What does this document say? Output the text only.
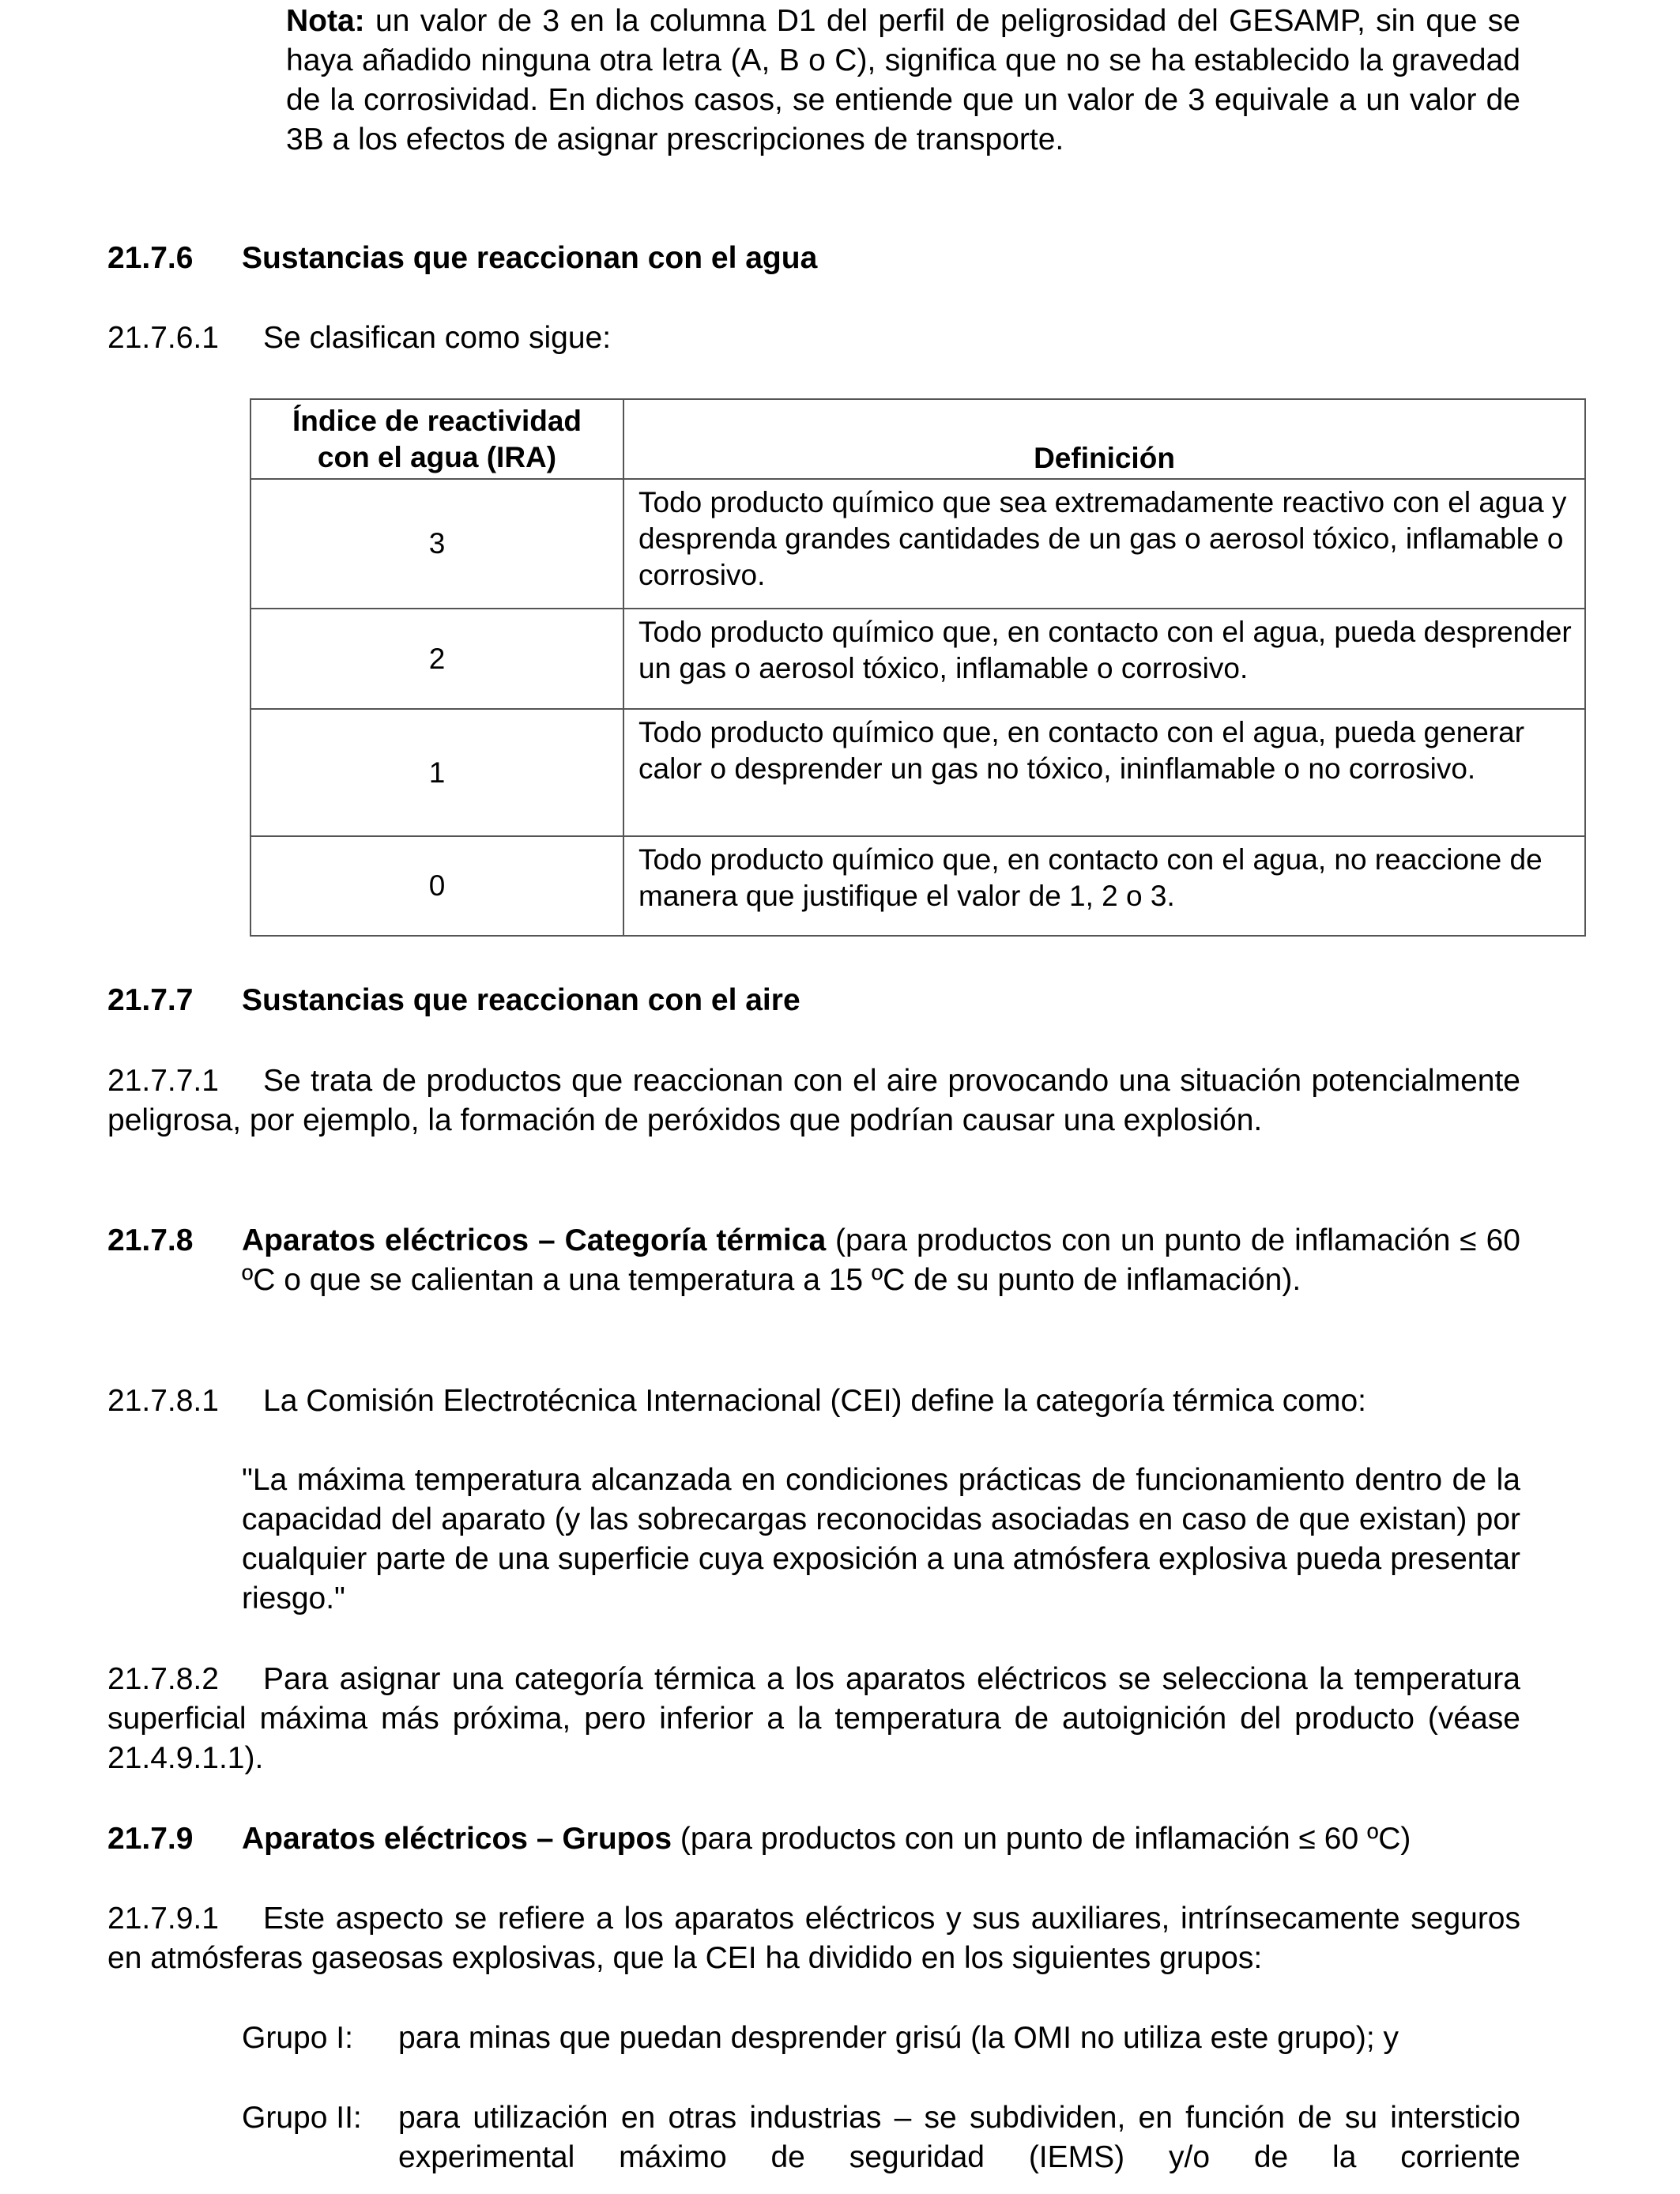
Nota: un valor de 3 en la columna D1 del perfil de peligrosidad del GESAMP, sin que se haya añadido ninguna otra letra (A, B o C), significa que no se ha establecido la gravedad de la corrosividad. En dichos casos, se entiende que un valor de 3 equivale a un valor de 3B a los efectos de asignar prescripciones de transporte.
21.7.6 Sustancias que reaccionan con el agua
21.7.6.1 Se clasifican como sigue:
Índice de reactividad con el agua (IRA)	Definición
3	Todo producto químico que sea extremadamente reactivo con el agua y desprenda grandes cantidades de un gas o aerosol tóxico, inflamable o corrosivo.
2	Todo producto químico que, en contacto con el agua, pueda desprender un gas o aerosol tóxico, inflamable o corrosivo.
1	Todo producto químico que, en contacto con el agua, pueda generar calor o desprender un gas no tóxico, ininflamable o no corrosivo.
0	Todo producto químico que, en contacto con el agua, no reaccione de manera que justifique el valor de 1, 2 o 3.
21.7.7 Sustancias que reaccionan con el aire
21.7.7.1 Se trata de productos que reaccionan con el aire provocando una situación potencialmente peligrosa, por ejemplo, la formación de peróxidos que podrían causar una explosión.
21.7.8	Aparatos eléctricos – Categoría térmica (para productos con un punto de inflamación ≤ 60 ºC o que se calientan a una temperatura a 15 ºC de su punto de inflamación).
21.7.8.1 La Comisión Electrotécnica Internacional (CEI) define la categoría térmica como:
"La máxima temperatura alcanzada en condiciones prácticas de funcionamiento dentro de la capacidad del aparato (y las sobrecargas reconocidas asociadas en caso de que existan) por cualquier parte de una superficie cuya exposición a una atmósfera explosiva pueda presentar riesgo."
21.7.8.2 Para asignar una categoría térmica a los aparatos eléctricos se selecciona la temperatura superficial máxima más próxima, pero inferior a la temperatura de autoignición del producto (véase 21.4.9.1.1).
21.7.9 Aparatos eléctricos – Grupos (para productos con un punto de inflamación ≤ 60 ºC)
21.7.9.1 Este aspecto se refiere a los aparatos eléctricos y sus auxiliares, intrínsecamente seguros en atmósferas gaseosas explosivas, que la CEI ha dividido en los siguientes grupos:
Grupo I:	para minas que puedan desprender grisú (la OMI no utiliza este grupo); y
Grupo II:	para utilización en otras industrias – se subdividen, en función de su intersticio experimental máximo de seguridad (IEMS) y/o de la corriente
